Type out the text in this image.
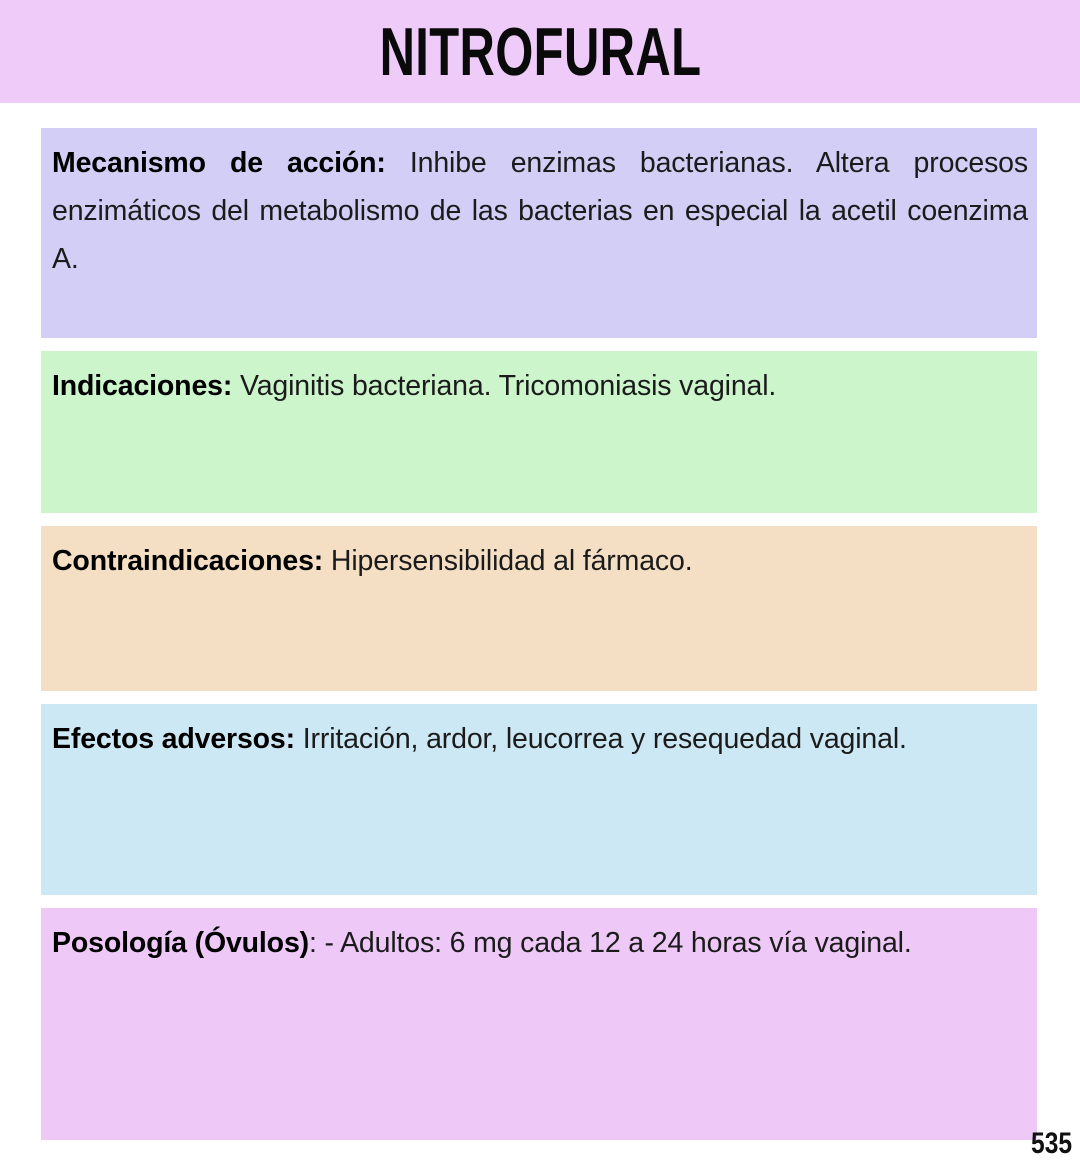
NITROFURAL

Mecanismo de acción: Inhibe enzimas bacterianas. Altera procesos enzimáticos del metabolismo de las bacterias en especial la acetil coenzima A.

Indicaciones: Vaginitis bacteriana. Tricomoniasis vaginal.

Contraindicaciones: Hipersensibilidad al fármaco.

Efectos adversos: Irritación, ardor, leucorrea y resequedad vaginal.

Posología (Óvulos): - Adultos: 6 mg cada 12 a 24 horas vía vaginal.

535
